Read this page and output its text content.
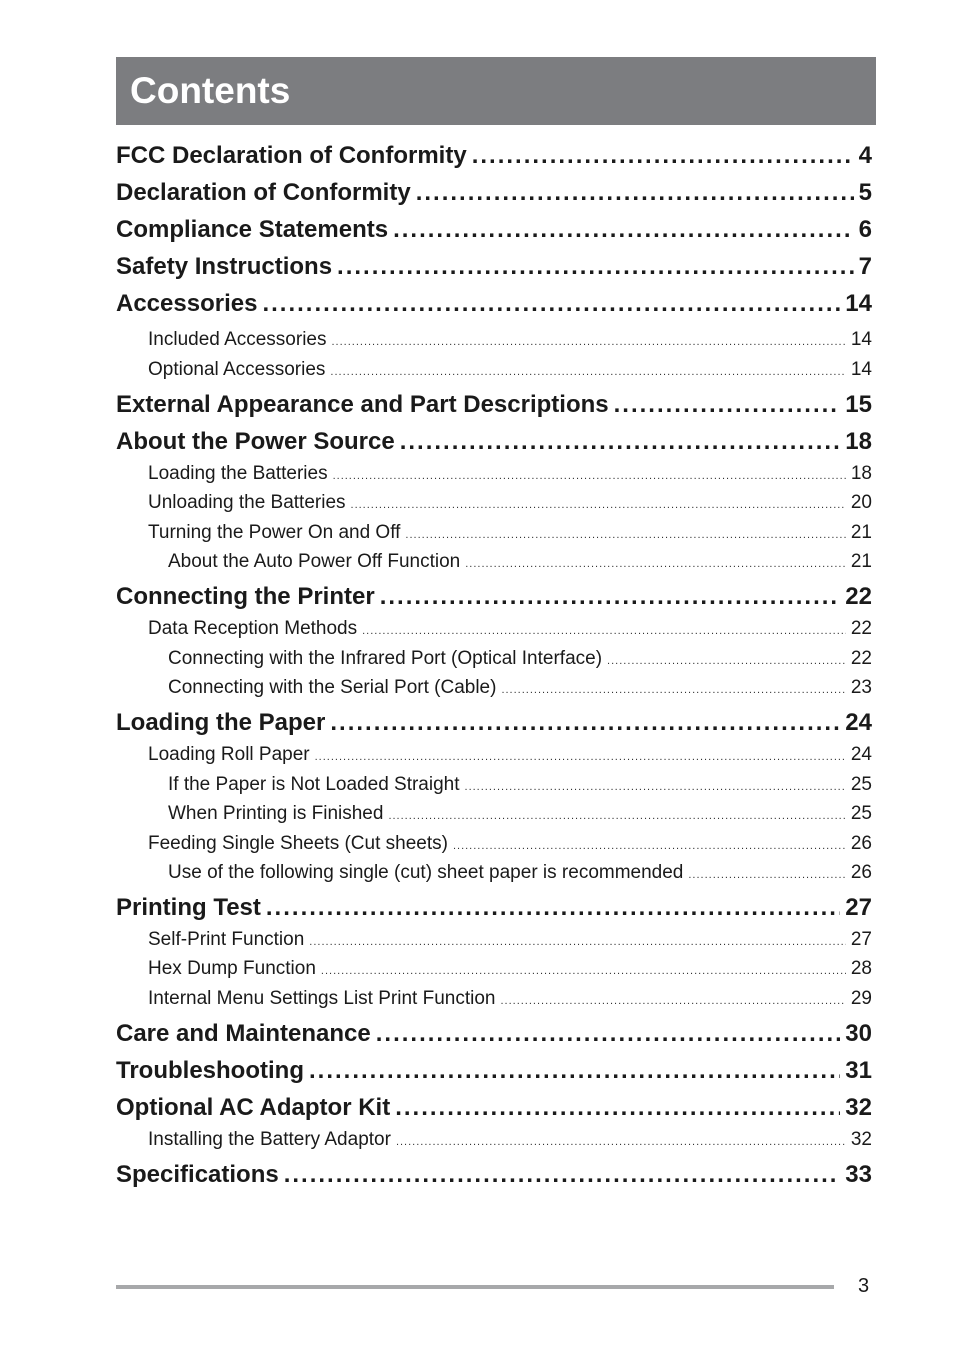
Contents
FCC Declaration of Conformity .....	4
Declaration of Conformity .....	5
Compliance Statements .....	6
Safety Instructions .....	7
Accessories .....	14
Included Accessories .....	14
Optional Accessories .....	14
External Appearance and Part Descriptions .....	15
About the Power Source .....	18
Loading the Batteries .....	18
Unloading the Batteries .....	20
Turning the Power On and Off .....	21
About the Auto Power Off Function .....	21
Connecting the Printer .....	22
Data Reception Methods .....	22
Connecting with the Infrared Port (Optical Interface) .....	22
Connecting with the Serial Port (Cable) .....	23
Loading the Paper .....	24
Loading Roll Paper .....	24
If the Paper is Not Loaded Straight .....	25
When Printing is Finished .....	25
Feeding Single Sheets (Cut sheets) .....	26
Use of the following single (cut) sheet paper is recommended .....	26
Printing Test .....	27
Self-Print Function .....	27
Hex Dump Function .....	28
Internal Menu Settings List Print Function .....	29
Care and Maintenance .....	30
Troubleshooting .....	31
Optional AC Adaptor Kit .....	32
Installing the Battery Adaptor .....	32
Specifications .....	33
3
